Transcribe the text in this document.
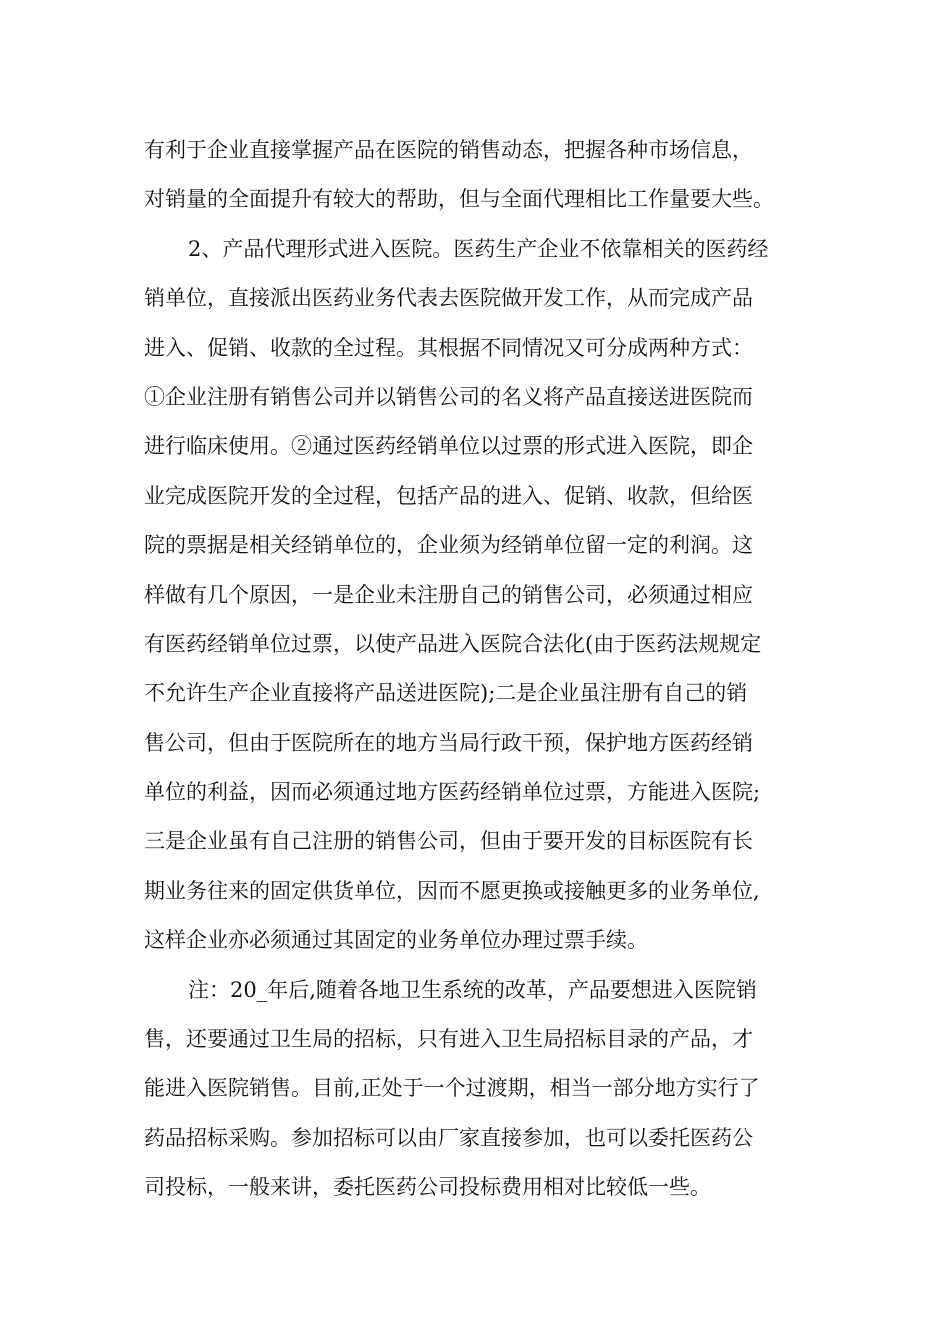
有利于企业直接掌握产品在医院的销售动态，把握各种市场信息，
对销量的全面提升有较大的帮助，但与全面代理相比工作量要大些。
2、产品代理形式进入医院。医药生产企业不依靠相关的医药经
销单位，直接派出医药业务代表去医院做开发工作，从而完成产品
进入、促销、收款的全过程。其根据不同情况又可分成两种方式：
①企业注册有销售公司并以销售公司的名义将产品直接送进医院而
进行临床使用。②通过医药经销单位以过票的形式进入医院，即企
业完成医院开发的全过程，包括产品的进入、促销、收款，但给医
院的票据是相关经销单位的，企业须为经销单位留一定的利润。这
样做有几个原因，一是企业未注册自己的销售公司，必须通过相应
有医药经销单位过票，以使产品进入医院合法化(由于医药法规规定
不允许生产企业直接将产品送进医院);二是企业虽注册有自己的销
售公司，但由于医院所在的地方当局行政干预，保护地方医药经销
单位的利益，因而必须通过地方医药经销单位过票，方能进入医院;
三是企业虽有自己注册的销售公司，但由于要开发的目标医院有长
期业务往来的固定供货单位，因而不愿更换或接触更多的业务单位,
这样企业亦必须通过其固定的业务单位办理过票手续。
注：20_年后,随着各地卫生系统的改革，产品要想进入医院销
售，还要通过卫生局的招标，只有进入卫生局招标目录的产品，才
能进入医院销售。目前,正处于一个过渡期，相当一部分地方实行了
药品招标采购。参加招标可以由厂家直接参加，也可以委托医药公
司投标，一般来讲，委托医药公司投标费用相对比较低一些。
